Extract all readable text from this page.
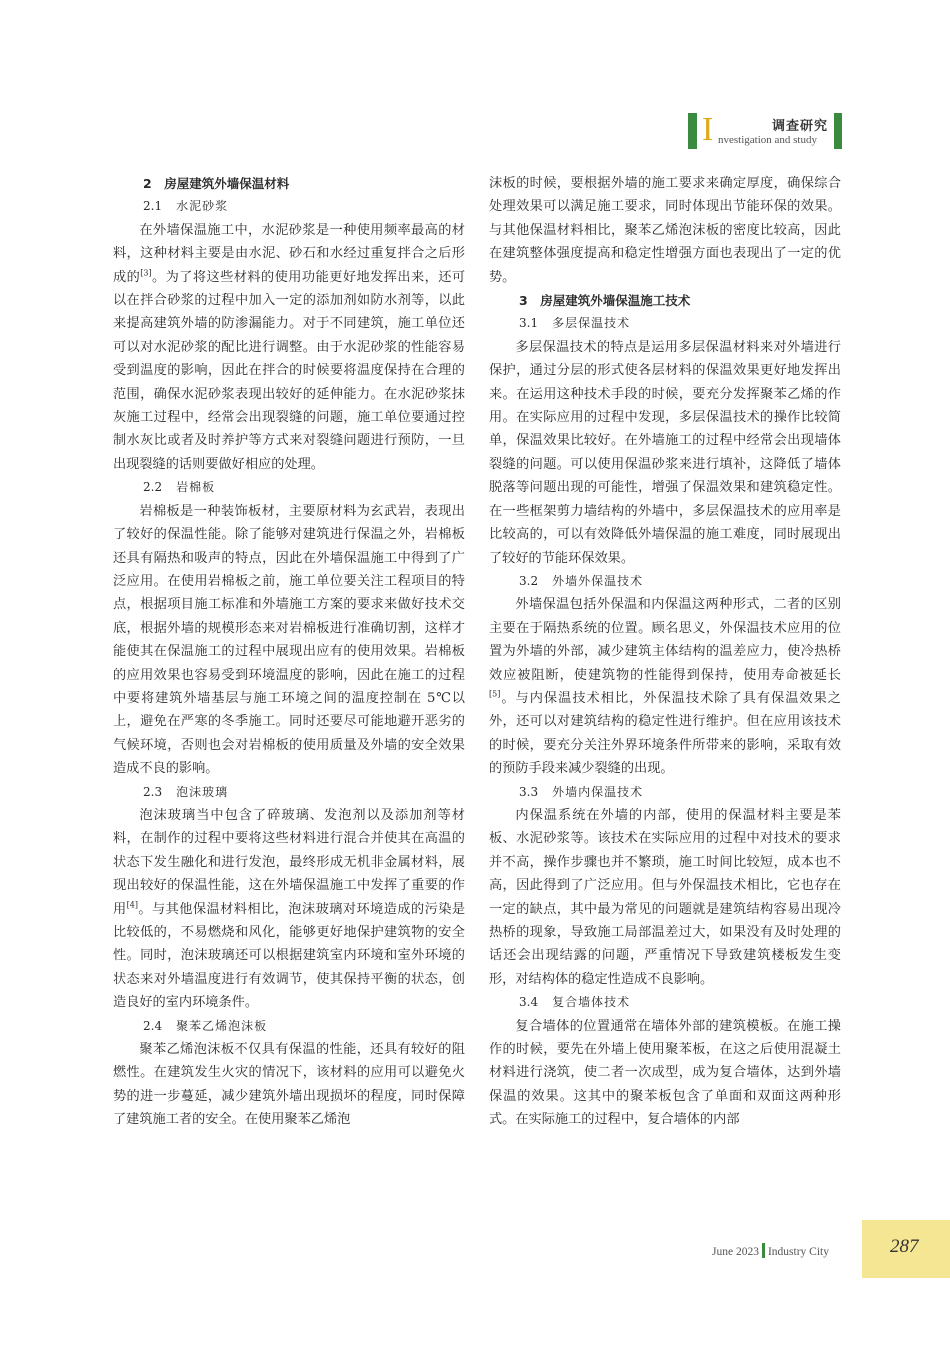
I	调查研究
nvestigation and study
2　房屋建筑外墙保温材料
2.1 水泥砂浆

在外墙保温施工中，水泥砂浆是一种使用频率最高的材料，这种材料主要是由水泥、砂石和水经过重复拌合之后形成的[3]。为了将这些材料的使用功能更好地发挥出来，还可以在拌合砂浆的过程中加入一定的添加剂如防水剂等，以此来提高建筑外墙的防渗漏能力。对于不同建筑，施工单位还可以对水泥砂浆的配比进行调整。由于水泥砂浆的性能容易受到温度的影响，因此在拌合的时候要将温度保持在合理的范围，确保水泥砂浆表现出较好的延伸能力。在水泥砂浆抹灰施工过程中，经常会出现裂缝的问题，施工单位要通过控制水灰比或者及时养护等方式来对裂缝问题进行预防，一旦出现裂缝的话则要做好相应的处理。

2.2 岩棉板

岩棉板是一种装饰板材，主要原材料为玄武岩，表现出了较好的保温性能。除了能够对建筑进行保温之外，岩棉板还具有隔热和吸声的特点，因此在外墙保温施工中得到了广泛应用。在使用岩棉板之前，施工单位要关注工程项目的特点，根据项目施工标准和外墙施工方案的要求来做好技术交底，根据外墙的规模形态来对岩棉板进行准确切割，这样才能使其在保温施工的过程中展现出应有的使用效果。岩棉板的应用效果也容易受到环境温度的影响，因此在施工的过程中要将建筑外墙基层与施工环境之间的温度控制在 5℃以上，避免在严寒的冬季施工。同时还要尽可能地避开恶劣的气候环境，否则也会对岩棉板的使用质量及外墙的安全效果造成不良的影响。

2.3 泡沫玻璃

泡沫玻璃当中包含了碎玻璃、发泡剂以及添加剂等材料，在制作的过程中要将这些材料进行混合并使其在高温的状态下发生融化和进行发泡，最终形成无机非金属材料，展现出较好的保温性能，这在外墙保温施工中发挥了重要的作用[4]。与其他保温材料相比，泡沫玻璃对环境造成的污染是比较低的，不易燃烧和风化，能够更好地保护建筑物的安全性。同时，泡沫玻璃还可以根据建筑室内环境和室外环境的状态来对外墙温度进行有效调节，使其保持平衡的状态，创造良好的室内环境条件。

2.4 聚苯乙烯泡沫板

聚苯乙烯泡沫板不仅具有保温的性能，还具有较好的阻燃性。在建筑发生火灾的情况下，该材料的应用可以避免火势的进一步蔓延，减少建筑外墙出现损坏的程度，同时保障了建筑施工者的安全。在使用聚苯乙烯泡

沫板的时候，要根据外墙的施工要求来确定厚度，确保综合处理效果可以满足施工要求，同时体现出节能环保的效果。与其他保温材料相比，聚苯乙烯泡沫板的密度比较高，因此在建筑整体强度提高和稳定性增强方面也表现出了一定的优势。

3　房屋建筑外墙保温施工技术
3.1 多层保温技术

多层保温技术的特点是运用多层保温材料来对外墙进行保护，通过分层的形式使各层材料的保温效果更好地发挥出来。在运用这种技术手段的时候，要充分发挥聚苯乙烯的作用。在实际应用的过程中发现，多层保温技术的操作比较简单，保温效果比较好。在外墙施工的过程中经常会出现墙体裂缝的问题。可以使用保温砂浆来进行填补，这降低了墙体脱落等问题出现的可能性，增强了保温效果和建筑稳定性。在一些框架剪力墙结构的外墙中，多层保温技术的应用率是比较高的，可以有效降低外墙保温的施工难度，同时展现出了较好的节能环保效果。

3.2 外墙外保温技术

外墙保温包括外保温和内保温这两种形式，二者的区别主要在于隔热系统的位置。顾名思义，外保温技术应用的位置为外墙的外部，减少建筑主体结构的温差应力，使冷热桥效应被阻断，使建筑物的性能得到保持，使用寿命被延长[5]。与内保温技术相比，外保温技术除了具有保温效果之外，还可以对建筑结构的稳定性进行维护。但在应用该技术的时候，要充分关注外界环境条件所带来的影响，采取有效的预防手段来减少裂缝的出现。

3.3 外墙内保温技术

内保温系统在外墙的内部，使用的保温材料主要是苯板、水泥砂浆等。该技术在实际应用的过程中对技术的要求并不高，操作步骤也并不繁琐，施工时间比较短，成本也不高，因此得到了广泛应用。但与外保温技术相比，它也存在一定的缺点，其中最为常见的问题就是建筑结构容易出现冷热桥的现象，导致施工局部温差过大，如果没有及时处理的话还会出现结露的问题，严重情况下导致建筑楼板发生变形，对结构体的稳定性造成不良影响。

3.4 复合墙体技术

复合墙体的位置通常在墙体外部的建筑模板。在施工操作的时候，要先在外墙上使用聚苯板，在这之后使用混凝土材料进行浇筑，使二者一次成型，成为复合墙体，达到外墙保温的效果。这其中的聚苯板包含了单面和双面这两种形式。在实际施工的过程中，复合墙体的内部

June 2023 Industry City	287
